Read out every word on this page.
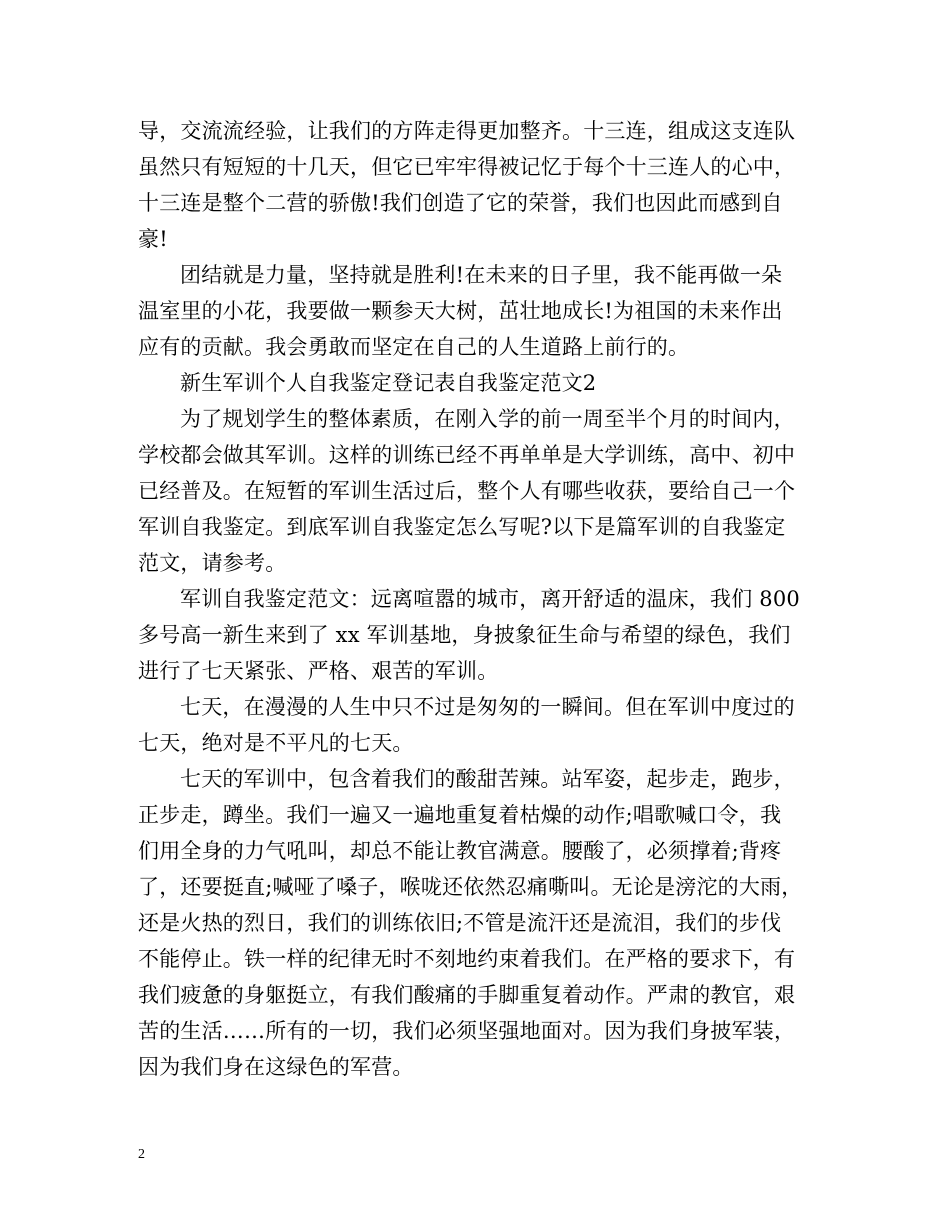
导，交流流经验，让我们的方阵走得更加整齐。十三连，组成这支连队
虽然只有短短的十几天，但它已牢牢得被记忆于每个十三连人的心中，
十三连是整个二营的骄傲!我们创造了它的荣誉，我们也因此而感到自
豪!
团结就是力量，坚持就是胜利!在未来的日子里，我不能再做一朵
温室里的小花，我要做一颗参天大树，茁壮地成长!为祖国的未来作出
应有的贡献。我会勇敢而坚定在自己的人生道路上前行的。
新生军训个人自我鉴定登记表自我鉴定范文2
为了规划学生的整体素质，在刚入学的前一周至半个月的时间内，
学校都会做其军训。这样的训练已经不再单单是大学训练，高中、初中
已经普及。在短暂的军训生活过后，整个人有哪些收获，要给自己一个
军训自我鉴定。到底军训自我鉴定怎么写呢?以下是篇军训的自我鉴定
范文，请参考。
军训自我鉴定范文：远离喧嚣的城市，离开舒适的温床，我们 800
多号高一新生来到了 xx 军训基地，身披象征生命与希望的绿色，我们
进行了七天紧张、严格、艰苦的军训。
七天，在漫漫的人生中只不过是匆匆的一瞬间。但在军训中度过的
七天，绝对是不平凡的七天。
七天的军训中，包含着我们的酸甜苦辣。站军姿，起步走，跑步，
正步走，蹲坐。我们一遍又一遍地重复着枯燥的动作;唱歌喊口令，我
们用全身的力气吼叫，却总不能让教官满意。腰酸了，必须撑着;背疼
了，还要挺直;喊哑了嗓子，喉咙还依然忍痛嘶叫。无论是滂沱的大雨，
还是火热的烈日，我们的训练依旧;不管是流汗还是流泪，我们的步伐
不能停止。铁一样的纪律无时不刻地约束着我们。在严格的要求下，有
我们疲惫的身躯挺立，有我们酸痛的手脚重复着动作。严肃的教官，艰
苦的生活……所有的一切，我们必须坚强地面对。因为我们身披军装，
因为我们身在这绿色的军营。
2
